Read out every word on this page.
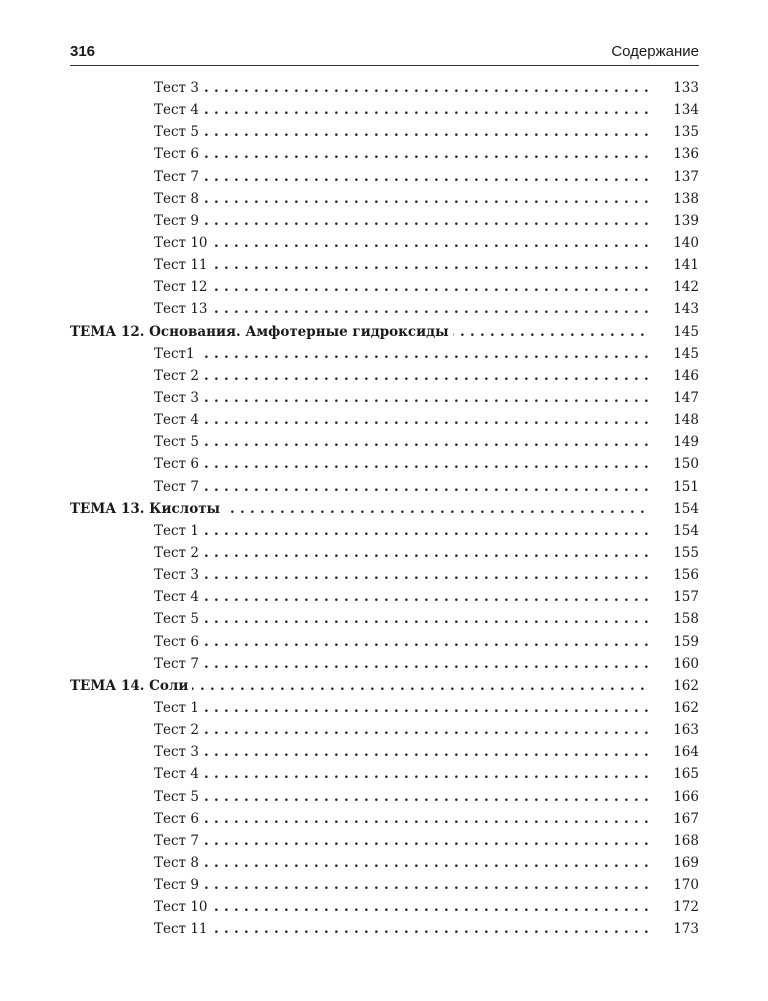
316	Содержание
. . .
Тест 3	133
. . .
Тест 4	134
. . .
Тест 5	135
. . .
Тест 6	136
. . .
Тест 7	137
. . .
Тест 8	138
. . .
Тест 9	139
. . .
Тест 10	140
. . .
Тест 11	141
. . .
Тест 12	142
. . .
Тест 13	143
. . .
ТЕМА 12. Основания. Амфотерные гидроксиды	145
. . .
Тест1	145
. . .
Тест 2	146
. . .
Тест 3	147
. . .
Тест 4	148
. . .
Тест 5	149
. . .
Тест 6	150
. . .
Тест 7	151
. . .
ТЕМА 13. Кислоты	154
. . .
Тест 1	154
. . .
Тест 2	155
. . .
Тест 3	156
. . .
Тест 4	157
. . .
Тест 5	158
. . .
Тест 6	159
. . .
Тест 7	160
. . .
ТЕМА 14. Соли	162
. . .
Тест 1	162
. . .
Тест 2	163
. . .
Тест 3	164
. . .
Тест 4	165
. . .
Тест 5	166
. . .
Тест 6	167
. . .
Тест 7	168
. . .
Тест 8	169
. . .
Тест 9	170
. . .
Тест 10	172
. . .
Тест 11	173
